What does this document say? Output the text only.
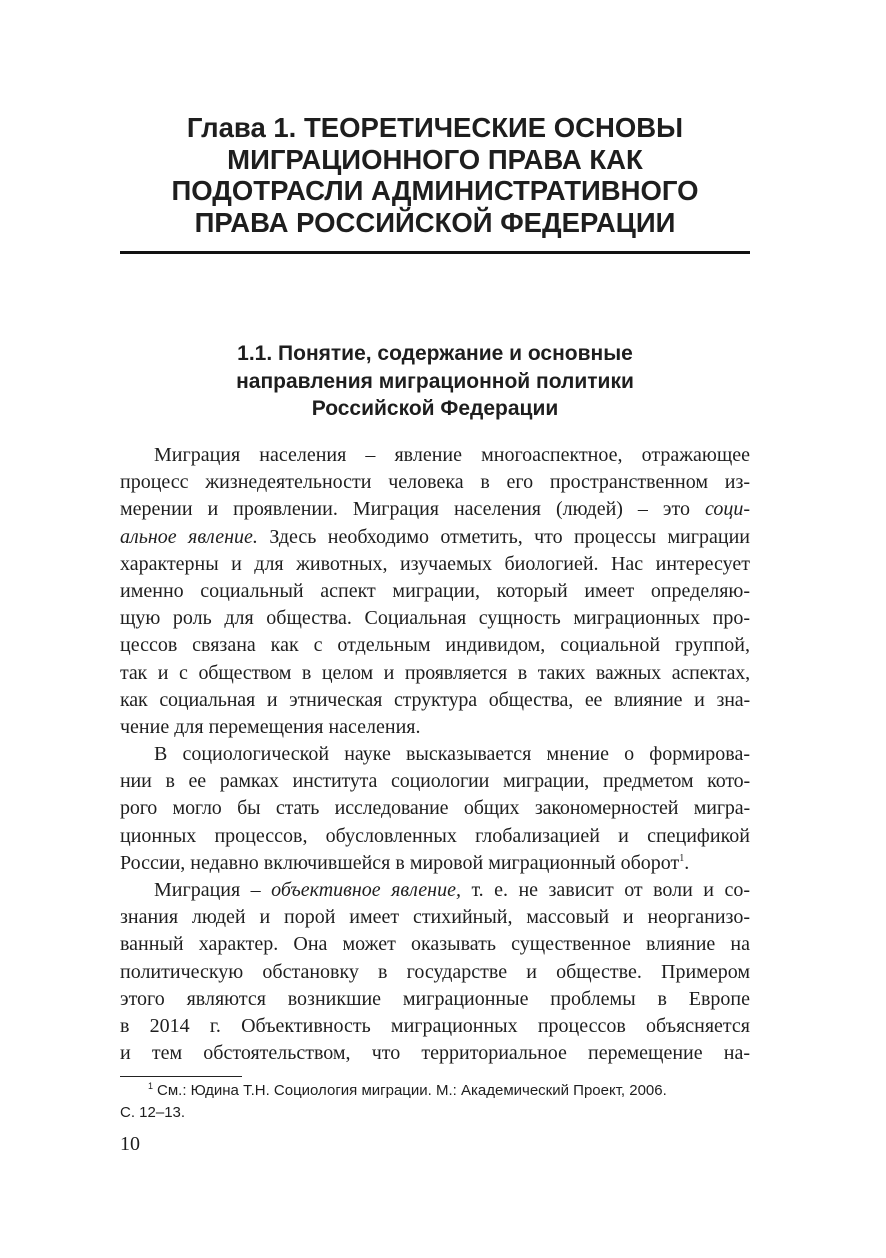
Глава 1. ТЕОРЕТИЧЕСКИЕ ОСНОВЫ
МИГРАЦИОННОГО ПРАВА КАК
ПОДОТРАСЛИ АДМИНИСТРАТИВНОГО
ПРАВА РОССИЙСКОЙ ФЕДЕРАЦИИ
1.1. Понятие, содержание и основные
направления миграционной политики
Российской Федерации
Миграция населения – явление многоаспектное, отражающее
процесс жизнедеятельности человека в его пространственном из-
мерении и проявлении. Миграция населения (людей) – это соци-
альное явление. Здесь необходимо отметить, что процессы миграции
характерны и для животных, изучаемых биологией. Нас интересует
именно социальный аспект миграции, который имеет определяю-
щую роль для общества. Социальная сущность миграционных про-
цессов связана как с отдельным индивидом, социальной группой,
так и с обществом в целом и проявляется в таких важных аспектах,
как социальная и этническая структура общества, ее влияние и зна-
чение для перемещения населения.
В социологической науке высказывается мнение о формирова-
нии в ее рамках института социологии миграции, предметом кото-
рого могло бы стать исследование общих закономерностей мигра-
ционных процессов, обусловленных глобализацией и спецификой
России, недавно включившейся в мировой миграционный оборот$^1$.
Миграция – объективное явление, т. е. не зависит от воли и со-
знания людей и порой имеет стихийный, массовый и неорганизо-
ванный характер. Она может оказывать существенное влияние на
политическую обстановку в государстве и обществе. Примером
этого являются возникшие миграционные проблемы в Европе
в 2014 г. Объективность миграционных процессов объясняется
и тем обстоятельством, что территориальное перемещение на-
$^1$ См.: Юдина Т.Н. Социология миграции. М.: Академический Проект, 2006.
С. 12–13.
10
